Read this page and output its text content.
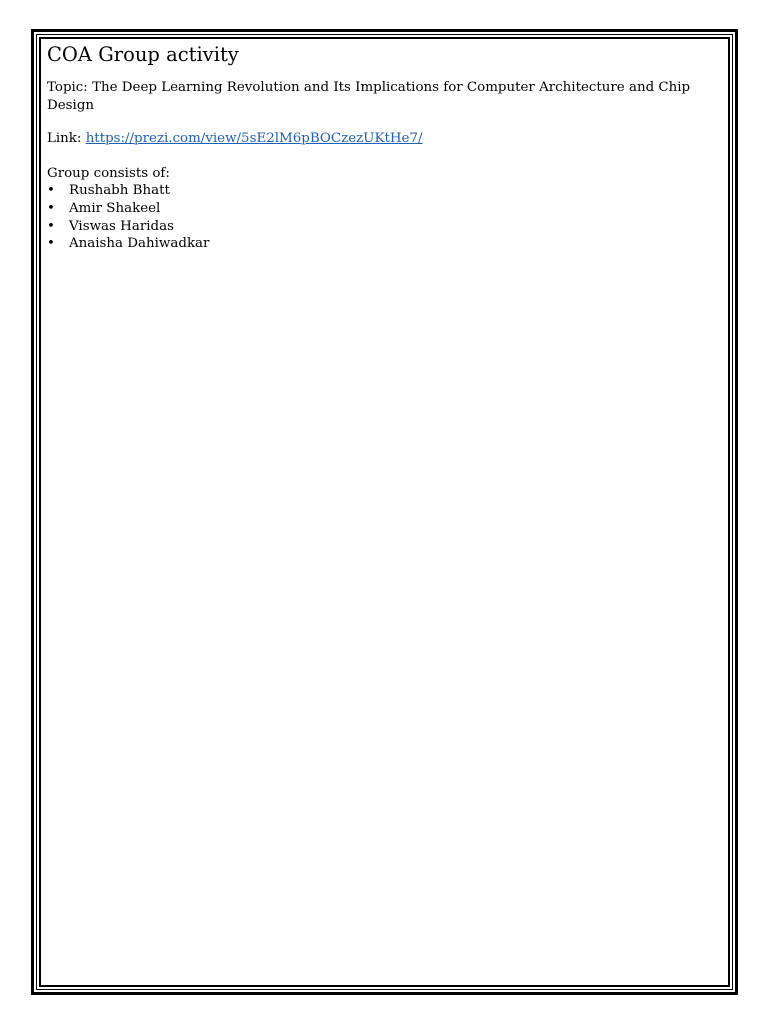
COA Group activity

Topic: The Deep Learning Revolution and Its Implications for Computer Architecture and Chip Design

Link: https://prezi.com/view/5sE2lM6pBOCzezUKtHe7/

Group consists of:

• Rushabh Bhatt
• Amir Shakeel
• Viswas Haridas
• Anaisha Dahiwadkar
